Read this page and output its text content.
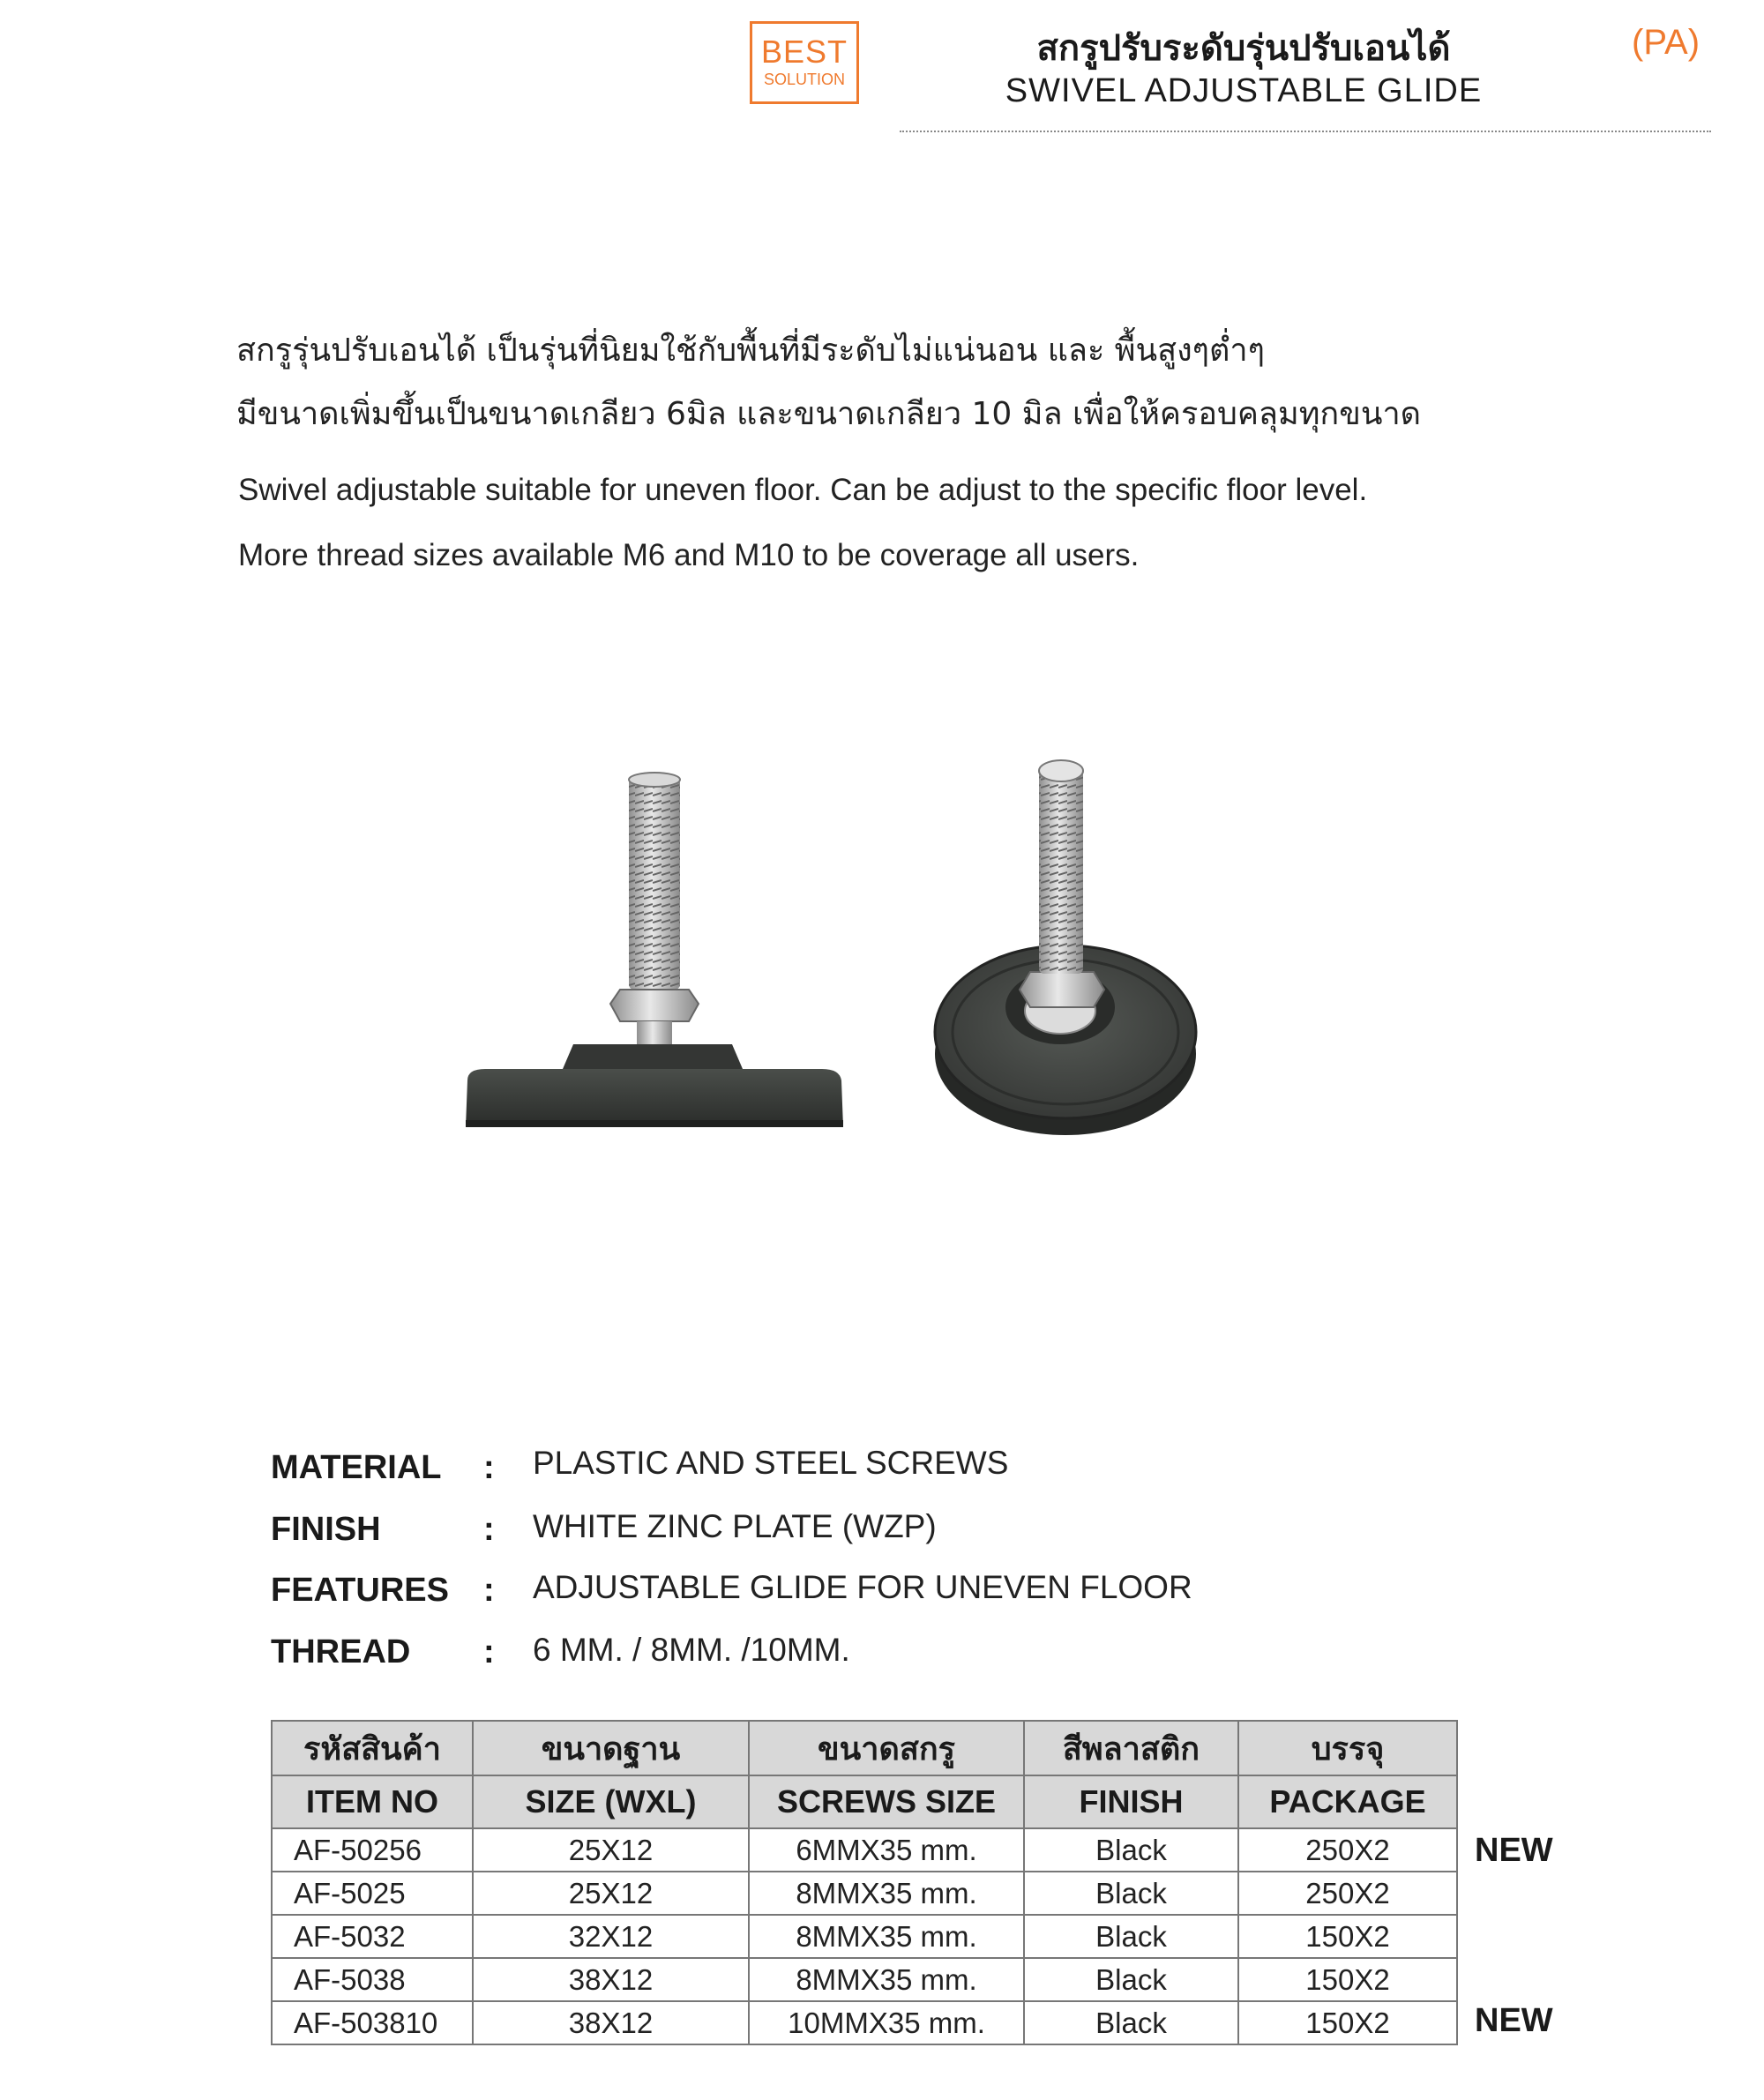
BEST
SOLUTION
สกรูปรับระดับรุ่นปรับเอนได้
SWIVEL ADJUSTABLE GLIDE
(PA)
สกรูรุ่นปรับเอนได้ เป็นรุ่นที่นิยมใช้กับพื้นที่มีระดับไม่แน่นอน และ พื้นสูงๆต่ำๆ
มีขนาดเพิ่มขึ้นเป็นขนาดเกลียว 6มิล และขนาดเกลียว 10 มิล เพื่อให้ครอบคลุมทุกขนาด
Swivel adjustable suitable for uneven floor. Can be adjust to the specific floor level.
More thread sizes available M6 and M10 to be coverage all users.
MATERIAL : PLASTIC AND STEEL SCREWS
FINISH	: WHITE ZINC PLATE (WZP)
FEATURES : ADJUSTABLE GLIDE FOR UNEVEN FLOOR
THREAD : 6 MM. / 8MM. /10MM.
รหัสสินค้า	ขนาดฐาน	ขนาดสกรู	สีพลาสติก	บรรจุ
ITEM NO	SIZE (WXL)	SCREWS SIZE	FINISH	PACKAGE
AF-50256	25X12	6MMX35 mm.	Black	250X2
AF-5025	25X12	8MMX35 mm.	Black	250X2
AF-5032	32X12	8MMX35 mm.	Black	150X2
AF-5038	38X12	8MMX35 mm.	Black	150X2
AF-503810	38X12	10MMX35 mm.	Black	150X2
NEW
NEW
